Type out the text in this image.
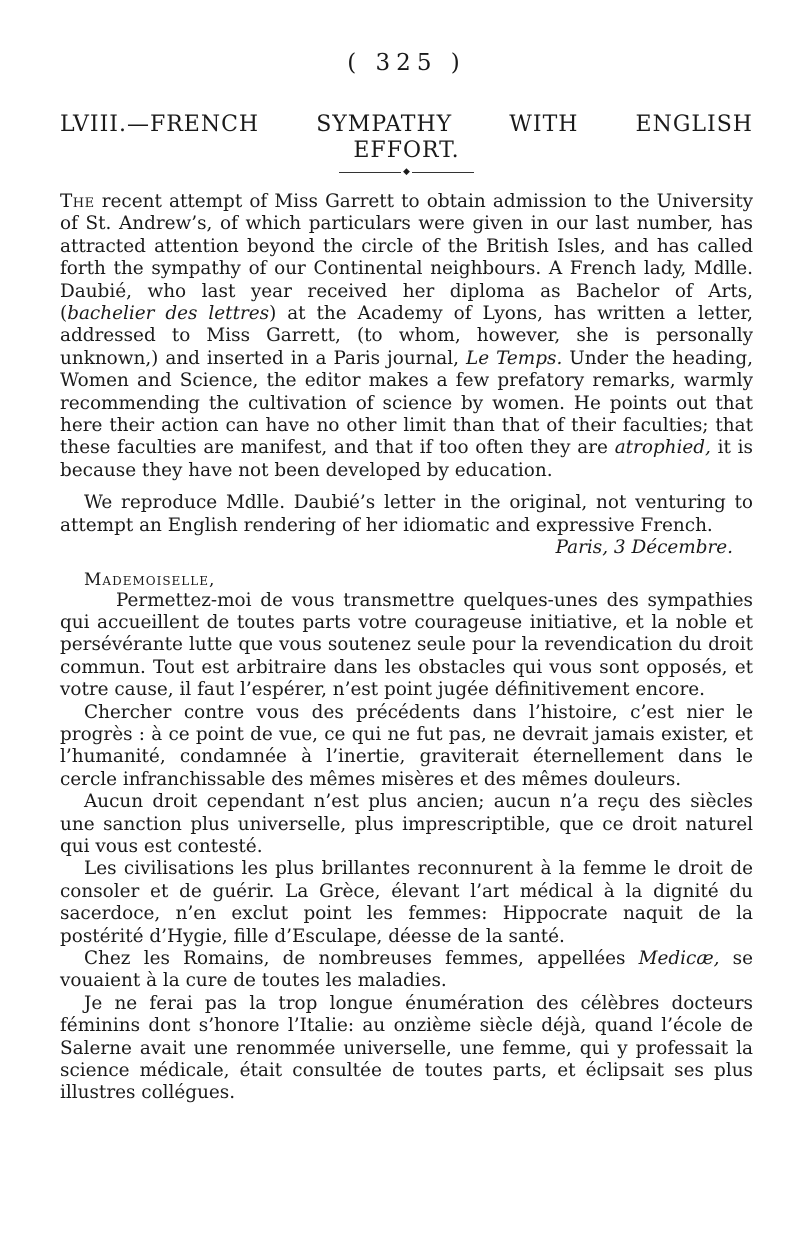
( 325 )
LVIII.—FRENCH SYMPATHY WITH ENGLISH
EFFORT.
◆

The recent attempt of Miss Garrett to obtain admission to the University of St. Andrew’s, of which particulars were given in our last number, has attracted attention beyond the circle of the British Isles, and has called forth the sympathy of our Continental neighbours. A French lady, Mdlle. Daubié, who last year received her diploma as Bachelor of Arts, (bachelier des lettres) at the Academy of Lyons, has written a letter, addressed to Miss Garrett, (to whom, however, she is personally unknown,) and inserted in a Paris journal, Le Temps. Under the heading, Women and Science, the editor makes a few prefatory remarks, warmly recommending the cultivation of science by women. He points out that here their action can have no other limit than that of their faculties; that these faculties are manifest, and that if too often they are atrophied, it is because they have not been developed by education.

We reproduce Mdlle. Daubié’s letter in the original, not venturing to attempt an English rendering of her idiomatic and expressive French.

Paris, 3 Décembre.
Mademoiselle,

Permettez-moi de vous transmettre quelques-unes des sympathies qui accueillent de toutes parts votre courageuse initiative, et la noble et persévérante lutte que vous soutenez seule pour la revendication du droit commun. Tout est arbitraire dans les obstacles qui vous sont opposés, et votre cause, il faut l’espérer, n’est point jugée définitivement encore.

Chercher contre vous des précédents dans l’histoire, c’est nier le progrès : à ce point de vue, ce qui ne fut pas, ne devrait jamais exister, et l’humanité, condamnée à l’inertie, graviterait éternellement dans le cercle infranchissable des mêmes misères et des mêmes douleurs.

Aucun droit cependant n’est plus ancien; aucun n’a reçu des siècles une sanction plus universelle, plus imprescriptible, que ce droit naturel qui vous est contesté.

Les civilisations les plus brillantes reconnurent à la femme le droit de consoler et de guérir. La Grèce, élevant l’art médical à la dignité du sacerdoce, n’en exclut point les femmes: Hippocrate naquit de la postérité d’Hygie, fille d’Esculape, déesse de la santé.

Chez les Romains, de nombreuses femmes, appellées Medicæ, se vouaient à la cure de toutes les maladies.

Je ne ferai pas la trop longue énumération des célèbres docteurs féminins dont s’honore l’Italie: au onzième siècle déjà, quand l’école de Salerne avait une renommée universelle, une femme, qui y professait la science médicale, était consultée de toutes parts, et éclipsait ses plus illustres collégues.
